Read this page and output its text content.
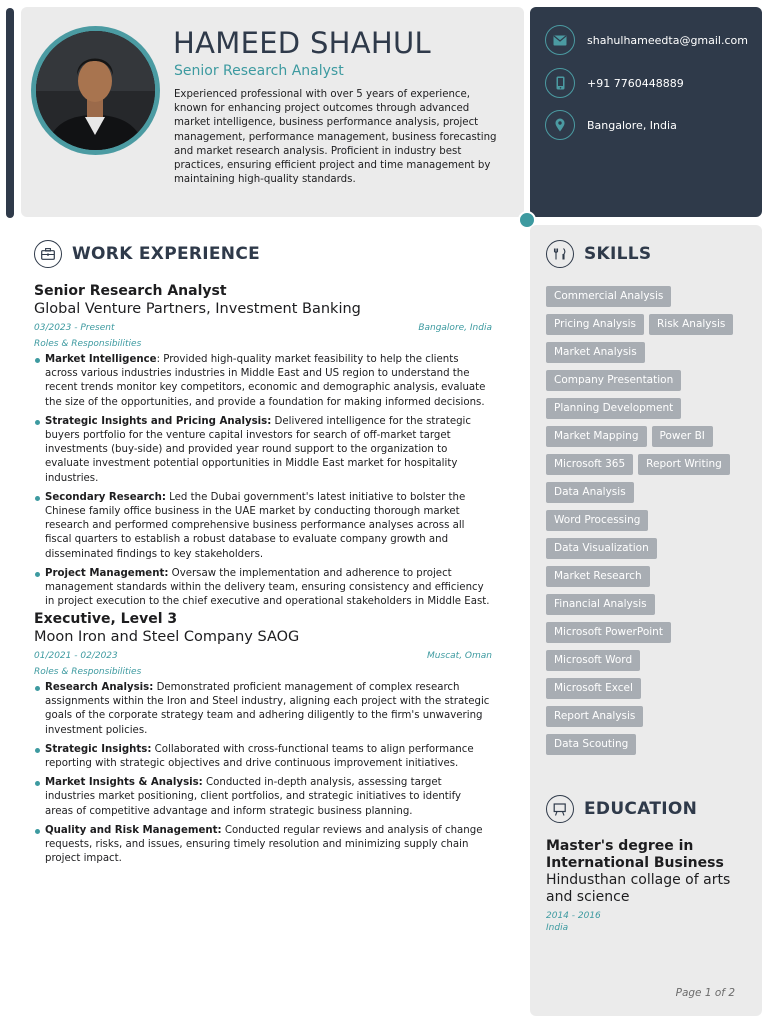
HAMEED SHAHUL
Senior Research Analyst
Experienced professional with over 5 years of experience, known for enhancing project outcomes through advanced market intelligence, business performance analysis, project management, performance management, business forecasting and market research analysis. Proficient in industry best practices, ensuring efficient project and time management by maintaining high-quality standards.
shahulhameedta@gmail.com
+91 7760448889
Bangalore, India
WORK EXPERIENCE
Senior Research Analyst
Global Venture Partners, Investment Banking
03/2023 - Present	Bangalore, India
Roles & Responsibilities
Market Intelligence: Provided high-quality market feasibility to help the clients across various industries industries in Middle East and US region to understand the recent trends monitor key competitors, economic and demographic analysis, evaluate the size of the opportunities, and provide a foundation for making informed decisions.
Strategic Insights and Pricing Analysis: Delivered intelligence for the strategic buyers portfolio for the venture capital investors for search of off-market target investments (buy-side) and provided year round support to the organization to evaluate investment potential opportunities in Middle East market for hospitality industries.
Secondary Research: Led the Dubai government's latest initiative to bolster the Chinese family office business in the UAE market by conducting thorough market research and performed comprehensive business performance analyses across all fiscal quarters to establish a robust database to evaluate company growth and disseminated findings to key stakeholders.
Project Management: Oversaw the implementation and adherence to project management standards within the delivery team, ensuring consistency and efficiency in project execution to the chief executive and operational stakeholders in Middle East.
Executive, Level 3
Moon Iron and Steel Company SAOG
01/2021 - 02/2023	Muscat, Oman
Roles & Responsibilities
Research Analysis: Demonstrated proficient management of complex research assignments within the Iron and Steel industry, aligning each project with the strategic goals of the corporate strategy team and adhering diligently to the firm's unwavering investment policies.
Strategic Insights: Collaborated with cross-functional teams to align performance reporting with strategic objectives and drive continuous improvement initiatives.
Market Insights & Analysis: Conducted in-depth analysis, assessing target industries market positioning, client portfolios, and strategic initiatives to identify areas of competitive advantage and inform strategic business planning.
Quality and Risk Management: Conducted regular reviews and analysis of change requests, risks, and issues, ensuring timely resolution and minimizing supply chain project impact.
SKILLS
Commercial Analysis
Pricing Analysis	Risk Analysis
Market Analysis
Company Presentation
Planning Development
Market Mapping	Power BI
Microsoft 365	Report Writing
Data Analysis
Word Processing
Data Visualization
Market Research
Financial Analysis
Microsoft PowerPoint
Microsoft Word
Microsoft Excel
Report Analysis
Data Scouting
EDUCATION
Master's degree in International Business
Hindusthan collage of arts and science
2014 - 2016
India
Page 1 of 2
